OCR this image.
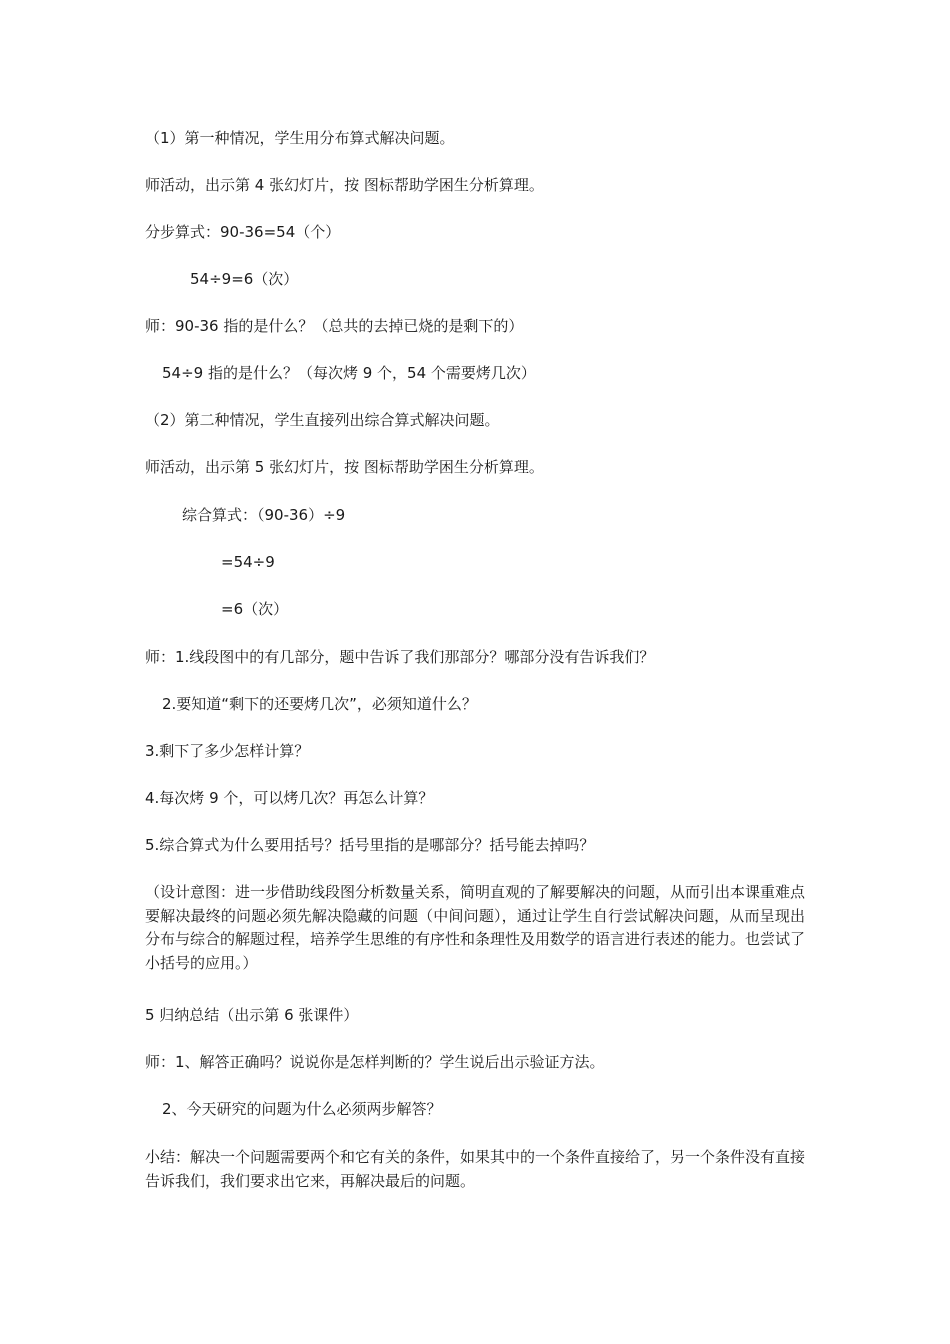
（1）第一种情况，学生用分布算式解决问题。
师活动，出示第 4 张幻灯片，按 图标帮助学困生分析算理。
分步算式：90-36=54（个）
54÷9=6（次）
师：90-36 指的是什么？（总共的去掉已烧的是剩下的）
54÷9 指的是什么？（每次烤 9 个，54 个需要烤几次）
（2）第二种情况，学生直接列出综合算式解决问题。
师活动，出示第 5 张幻灯片，按 图标帮助学困生分析算理。
综合算式：（90-36）÷9
=54÷9
=6（次）
师：1.线段图中的有几部分，题中告诉了我们那部分？哪部分没有告诉我们？
2.要知道“剩下的还要烤几次”，必须知道什么？
3.剩下了多少怎样计算？
4.每次烤 9 个，可以烤几次？再怎么计算？
5.综合算式为什么要用括号？括号里指的是哪部分？括号能去掉吗？
（设计意图：进一步借助线段图分析数量关系，简明直观的了解要解决的问题，从而引出本课重难点要解决最终的问题必须先解决隐藏的问题（中间问题），通过让学生自行尝试解决问题，从而呈现出分布与综合的解题过程，培养学生思维的有序性和条理性及用数学的语言进行表述的能力。也尝试了小括号的应用。）
5 归纳总结（出示第 6 张课件）
师：1、解答正确吗？说说你是怎样判断的？学生说后出示验证方法。
2、今天研究的问题为什么必须两步解答？
小结：解决一个问题需要两个和它有关的条件，如果其中的一个条件直接给了，另一个条件没有直接告诉我们，我们要求出它来，再解决最后的问题。
